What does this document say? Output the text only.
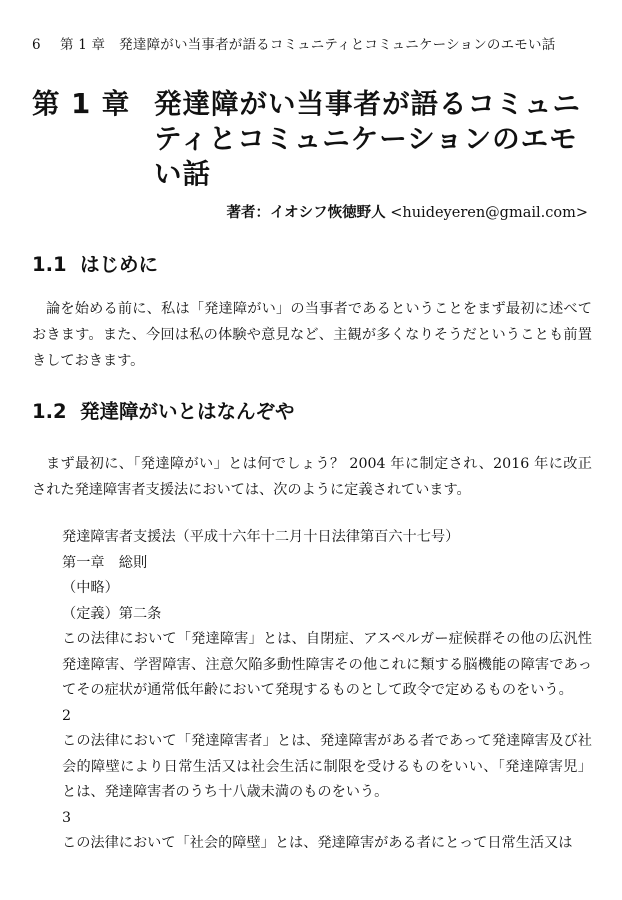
6 第 1 章 発達障がい当事者が語るコミュニティとコミュニケーションのエモい話
第 1 章 発達障がい当事者が語るコミュニティとコミュニケーションのエモい話
著者：イオシフ恢徳野人 <huideyeren@gmail.com>
1.1 はじめに
論を始める前に、私は「発達障がい」の当事者であるということをまず最初に述べておきます。また、今回は私の体験や意見など、主観が多くなりそうだということも前置きしておきます。
1.2 発達障がいとはなんぞや
まず最初に、「発達障がい」とは何でしょう？ 2004 年に制定され、2016 年に改正された発達障害者支援法においては、次のように定義されています。
発達障害者支援法（平成十六年十二月十日法律第百六十七号）
第一章　総則
（中略）
（定義）第二条
この法律において「発達障害」とは、自閉症、アスペルガー症候群その他の広汎性発達障害、学習障害、注意欠陥多動性障害その他これに類する脳機能の障害であってその症状が通常低年齢において発現するものとして政令で定めるものをいう。
2
この法律において「発達障害者」とは、発達障害がある者であって発達障害及び社会的障壁により日常生活又は社会生活に制限を受けるものをいい、「発達障害児」とは、発達障害者のうち十八歳未満のものをいう。
3
この法律において「社会的障壁」とは、発達障害がある者にとって日常生活又は
